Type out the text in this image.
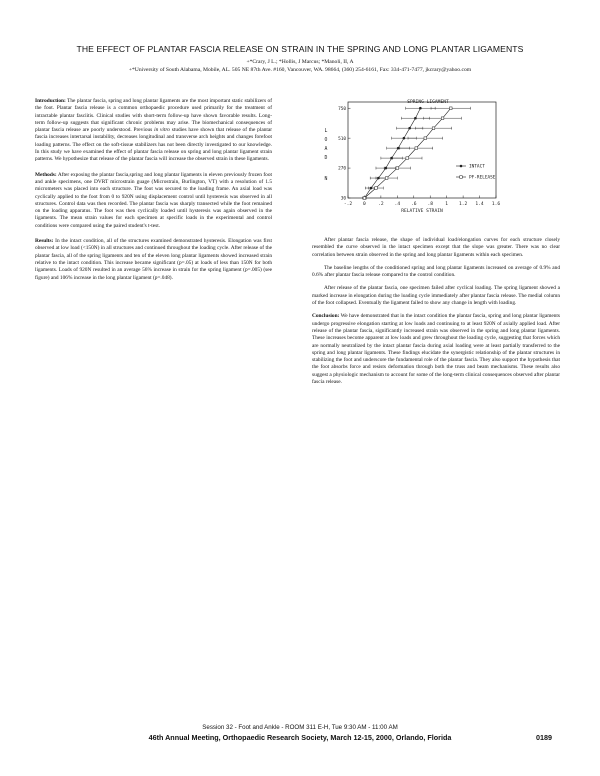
THE EFFECT OF PLANTAR FASCIA RELEASE ON STRAIN IN THE SPRING AND LONG PLANTAR LIGAMENTS
+*Crary, J L.; *Hollis, J Marcus; *Manoli, II, A
+*University of South Alabama, Mobile, AL. 505 NE 87th Ave. #160, Vancouver, WA. 98664, (360) 254-6161, Fax: 334-471-7477, jkcrary@yahoo.com

Introduction: The plantar fascia, spring and long plantar ligaments are the most important static stabilizers of the foot. Plantar fascia release is a common orthopaedic procedure used primarily for the treatment of intractable plantar fasciitis. Clinical studies with short-term follow-up have shown favorable results. Long-term follow-up suggests that significant chronic problems may arise. The biomechanical consequences of plantar fascia release are poorly understood. Previous in vitro studies have shown that release of the plantar fascia increases intertarsal instability, decreases longitudinal and transverse arch heights and changes forefoot loading patterns. The effect on the soft-tissue stabilizers has not been directly investigated to our knowledge. In this study we have examined the effect of plantar fascia release on spring and long plantar ligament strain patterns. We hypothesize that release of the plantar fascia will increase the observed strain in these ligaments.

Methods: After exposing the plantar fascia,spring and long plantar ligaments in eleven previously frozen foot and ankle specimens, one DVRT microstrain guage (Microstrain, Burlington, VT) with a resolution of 1.5 micrometers was placed into each structure. The foot was secured to the loading frame. An axial load was cyclically applied to the foot from 0 to 920N using displacement control until hysteresis was observed in all structures. Control data was then recorded. The plantar fascia was sharply transected while the foot remained on the loading apparatus. The foot was then cyclically loaded until hysteresis was again observed in the ligaments. The mean strain values for each specimen at specific loads in the experimental and control conditions were compared using the paired student's t-test.

Results: In the intact condition, all of the structures examined demonstrated hysteresis. Elongation was first observed at low load (<150N) in all structures and continued throughout the loading cycle. After release of the plantar fascia, all of the spring ligaments and ten of the eleven long plantar ligaments showed increased strain relative to the intact condition. This increase became significant (p=.05) at loads of less than 150N for both ligaments. Loads of 920N resulted in an average 56% increase in strain for the spring ligament (p=.005) (see figure) and 106% increase in the long plantar ligament (p=.048).

-.2 0	.2 .4 .6 .8	1 1.2 1.4 1.6
30
270
510
750
SPRING LIGAMENT
RELATIVE STRAIN
L
O
A
D
N
INTACT
PF-RELEASE

After plantar fascia release, the shape of individual load/elongation curves for each structure closely resembled the curve observed in the intact specimen except that the slope was greater. There was no clear correlation between strain observed in the spring and long plantar ligaments within each specimen.

The baseline lengths of the conditioned spring and long plantar ligaments increased on average of 0.9% and 0.6% after plantar fascia release compared to the control condition.

After release of the plantar fascia, one specimen failed after cyclical loading. The spring ligament showed a marked increase in elongation during the loading cycle immediately after plantar fascia release. The medial column of the foot collapsed. Eventually the ligament failed to show any change in length with loading.

Conclusion: We have demonstrated that in the intact condition the plantar fascia, spring and long plantar ligaments undergo progressive elongation starting at low loads and continuing to at least 920N of axially applied load. After release of the plantar fascia, significantly increased strain was observed in the spring and long plantar ligaments. These increases become apparent at low loads and grew throughout the loading cycle, suggesting that forces which are normally neutralized by the intact plantar fascia during axial loading were at least partially transferred to the spring and long plantar ligaments. These findings elucidate the synergistic relationship of the plantar structures in stabilizing the foot and underscore the fundamental role of the plantar fascia. They also support the hypothesis that the foot absorbs force and resists deformation through both the truss and beam mechanisms. These results also suggest a physiologic mechanism to account for some of the long-term clinical consequences observed after plantar fascia release.

Session 32 - Foot and Ankle - ROOM 311 E-H, Tue 9:30 AM - 11:00 AM
46th Annual Meeting, Orthopaedic Research Society, March 12-15, 2000, Orlando, Florida	0189
